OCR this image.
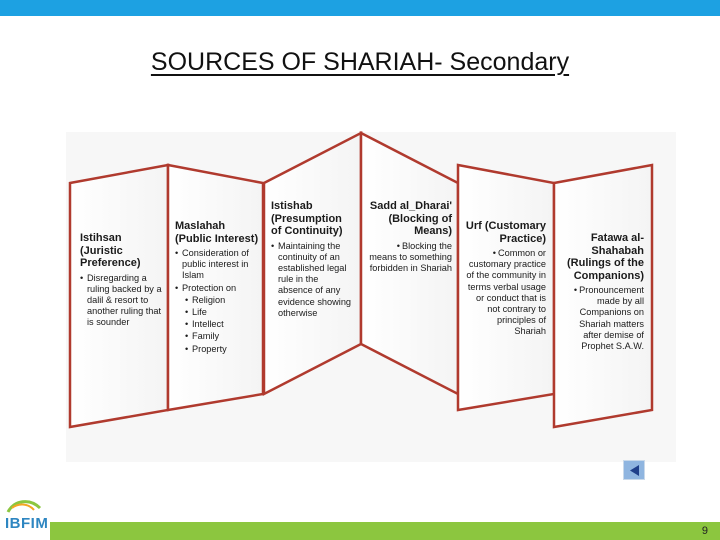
SOURCES OF SHARIAH- Secondary
Istihsan (Juristic Preference)
• Disregarding a ruling backed by a dalil & resort to another ruling that is sounder
Maslahah (Public Interest)
• Consideration of public interest in Islam
• Protection on
• Religion
• Life
• Intellect
• Family
• Property
Istishab (Presumption of Continuity)
• Maintaining the continuity of an established legal rule in the absence of any evidence showing otherwise
Sadd al_Dharai' (Blocking of Means)
• Blocking the means to something forbidden in Shariah
Urf (Customary Practice)
• Common or customary practice of the community in terms verbal usage or conduct that is not contrary to principles of Shariah
Fatawa al-Shahabah (Rulings of the Companions)
• Pronouncement made by all Companions on Shariah matters after demise of Prophet S.A.W.
IBFIM	9
